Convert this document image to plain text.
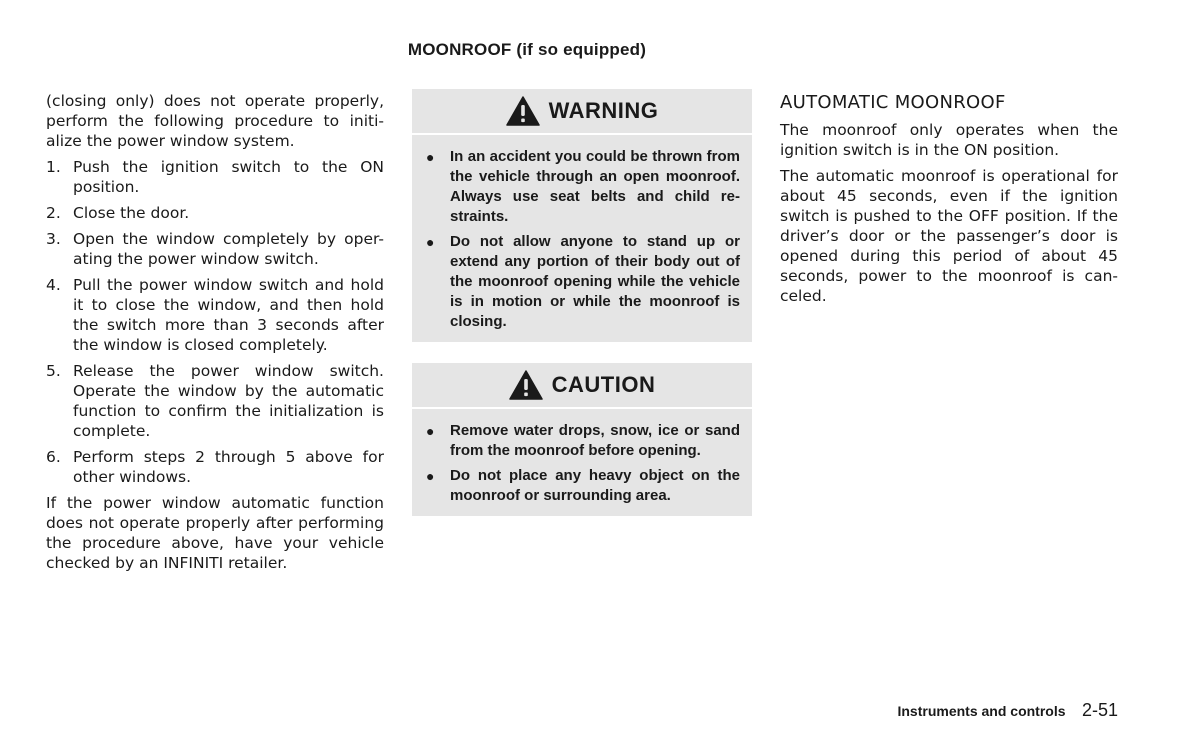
MOONROOF (if so equipped)

(closing only) does not operate properly, perform the following procedure to initi-alize the power window system.

1. Push the ignition switch to the ON position.
2. Close the door.
3. Open the window completely by oper-ating the power window switch.
4. Pull the power window switch and hold it to close the window, and then hold the switch more than 3 seconds after the window is closed completely.
5. Release the power window switch. Operate the window by the automatic function to confirm the initialization is complete.
6. Perform steps 2 through 5 above for other windows.

If the power window automatic function does not operate properly after performing the procedure above, have your vehicle checked by an INFINITI retailer.

WARNING
●	In an accident you could be thrown from the vehicle through an open moonroof. Always use seat belts and child re-straints.
●	Do not allow anyone to stand up or extend any portion of their body out of the moonroof opening while the vehicle is in motion or while the moonroof is closing.
CAUTION
●	Remove water drops, snow, ice or sand from the moonroof before opening.
●	Do not place any heavy object on the moonroof or surrounding area.
AUTOMATIC MOONROOF

The moonroof only operates when the ignition switch is in the ON position.

The automatic moonroof is operational for about 45 seconds, even if the ignition switch is pushed to the OFF position. If the driver’s door or the passenger’s door is opened during this period of about 45 seconds, power to the moonroof is can-celed.

Instruments and controls 2-51
